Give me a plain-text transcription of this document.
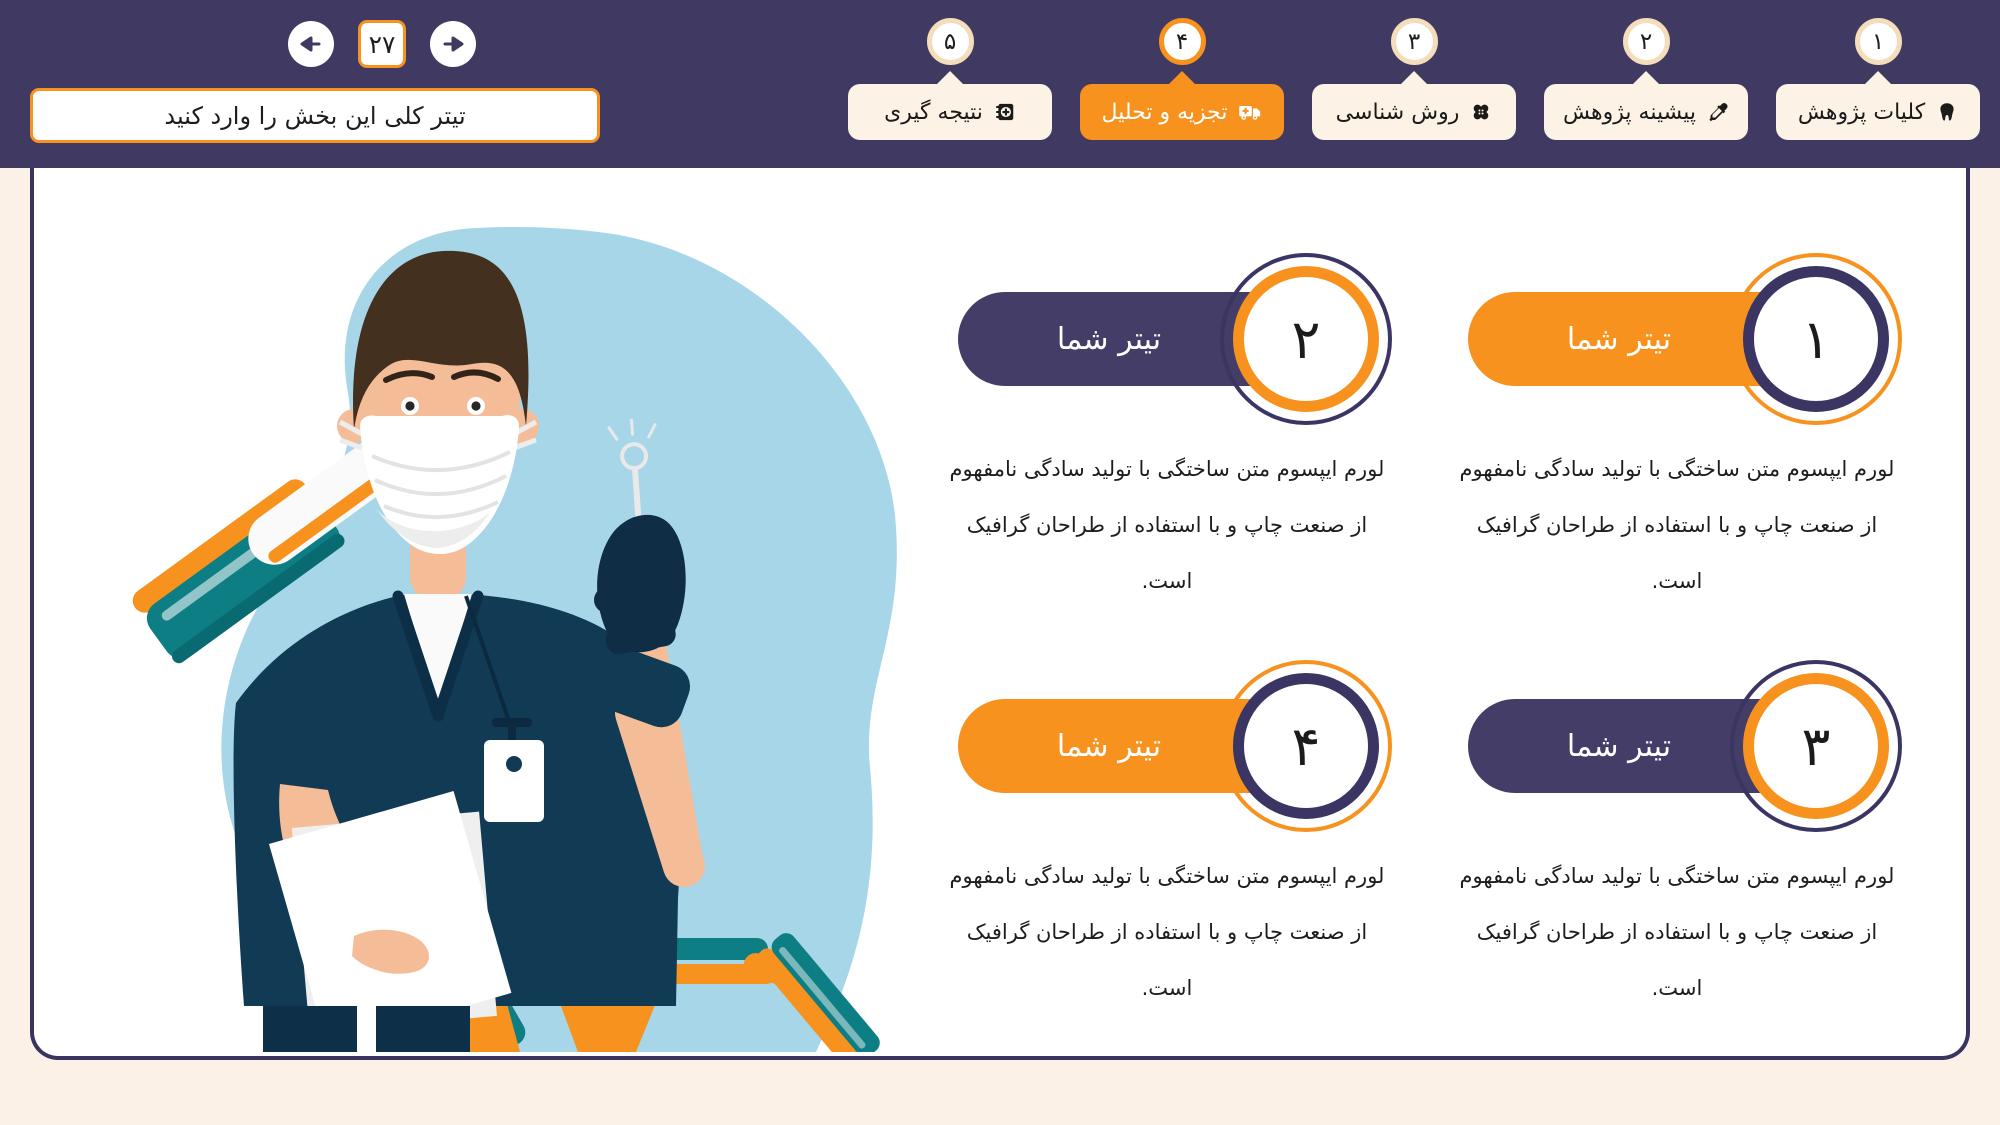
۲۷
تیتر کلی این بخش را وارد کنید	۱
کلیات پژوهش
۲
پیشینه پژوهش
۳
روش شناسی
۴
تجزیه و تحلیل
۵
نتیجه گیری
تیتر شما ۱
لورم ایپسوم متن ساختگی با تولید سادگی نامفهوم از صنعت چاپ و با استفاده از طراحان گرافیک است.
تیتر شما ۲
لورم ایپسوم متن ساختگی با تولید سادگی نامفهوم از صنعت چاپ و با استفاده از طراحان گرافیک است.
تیتر شما ۳
لورم ایپسوم متن ساختگی با تولید سادگی نامفهوم از صنعت چاپ و با استفاده از طراحان گرافیک است.
تیتر شما ۴
لورم ایپسوم متن ساختگی با تولید سادگی نامفهوم از صنعت چاپ و با استفاده از طراحان گرافیک است.
